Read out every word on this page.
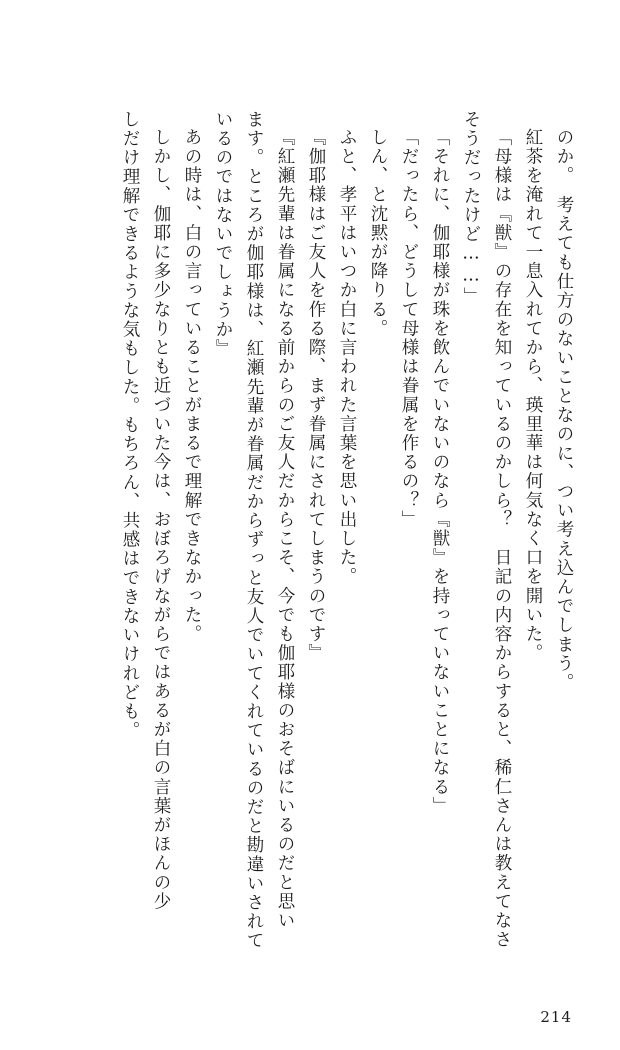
のか。　考えても仕方のないことなのに、つい考え込んでしまう。
紅茶を淹れて一息入れてから、瑛里華は何気なく口を開いた。
「母様は『獣』の存在を知っているのかしら？　日記の内容からすると、稀仁さんは教えてなさ
そうだったけど……」
「それに、伽耶様が珠を飲んでいないのなら『獣』を持っていないことになる」
「だったら、どうして母様は眷属を作るの？」
しん、と沈黙が降りる。
ふと、孝平はいつか白に言われた言葉を思い出した。
『伽耶様はご友人を作る際、まず眷属にされてしまうのです』
『紅瀬先輩は眷属になる前からのご友人だからこそ、今でも伽耶様のおそばにいるのだと思い
ます。ところが伽耶様は、紅瀬先輩が眷属だからずっと友人でいてくれているのだと勘違いされて
いるのではないでしょうか』
あの時は、白の言っていることがまるで理解できなかった。
しかし、伽耶に多少なりとも近づいた今は、おぼろげながらではあるが白の言葉がほんの少
しだけ理解できるような気もした。もちろん、共感はできないけれども。
214
